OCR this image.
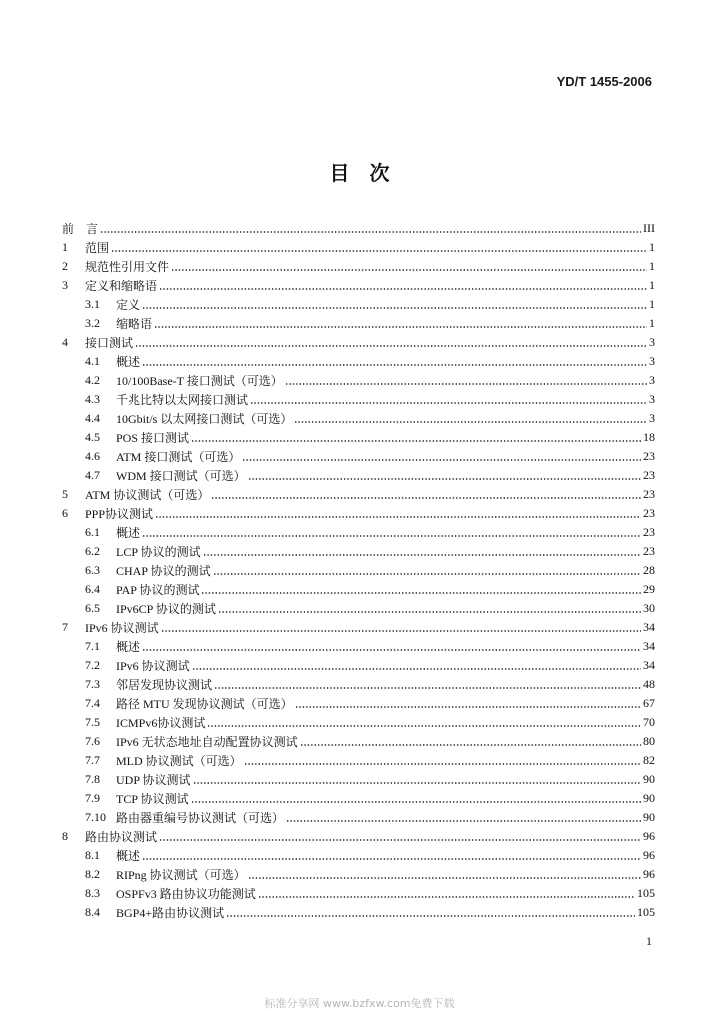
YD/T 1455-2006
目　次
前　言	III
1	范围	1
2	规范性引用文件	1
3	定义和缩略语	1
3.1	定义	1
3.2	缩略语	1
4	接口测试	3
4.1	概述	3
4.2	10/100Base-T 接口测试（可选）	3
4.3	千兆比特以太网接口测试	3
4.4	10Gbit/s 以太网接口测试（可选）	3
4.5	POS 接口测试	18
4.6	ATM 接口测试（可选）	23
4.7	WDM 接口测试（可选）	23
5	ATM 协议测试（可选）	23
6	PPP协议测试	23
6.1	概述	23
6.2	LCP 协议的测试	23
6.3	CHAP 协议的测试	28
6.4	PAP 协议的测试	29
6.5	IPv6CP 协议的测试	30
7	IPv6 协议测试	34
7.1	概述	34
7.2	IPv6 协议测试	34
7.3	邻居发现协议测试	48
7.4	路径 MTU 发现协议测试（可选）	67
7.5	ICMPv6协议测试	70
7.6	IPv6 无状态地址自动配置协议测试	80
7.7	MLD 协议测试（可选）	82
7.8	UDP 协议测试	90
7.9	TCP 协议测试	90
7.10 路由器重编号协议测试（可选）	90
8	路由协议测试	96
8.1	概述	96
8.2	RIPng 协议测试（可选）	96
8.3	OSPFv3 路由协议功能测试	105
8.4	BGP4+路由协议测试	105
1
标准分享网 www.bzfxw.com免费下载
